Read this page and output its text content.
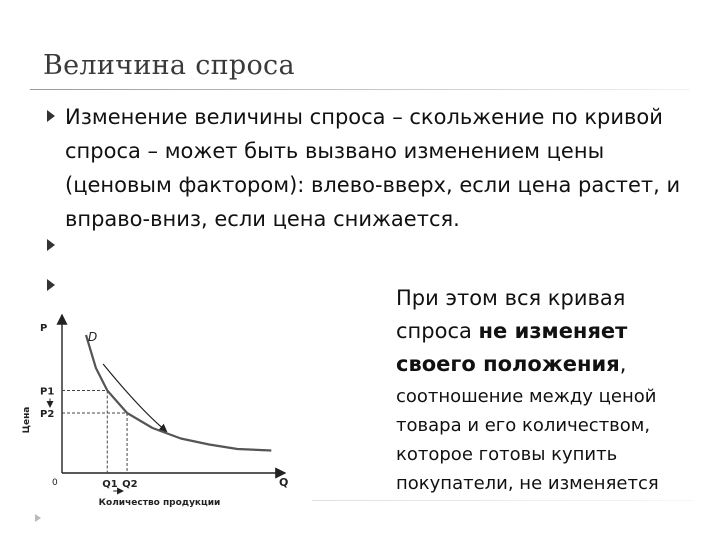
Величина спроса
Изменение величины спроса – скольжение по кривой спроса – может быть вызвано изменением цены (ценовым фактором): влево-вверх, если цена растет, и вправо-вниз, если цена снижается.
При этом вся кривая спроса не изменяет своего положения,
соотношение между ценой товара и его количеством, которое готовы купить покупатели, не изменяется
Q1
P1
Q2
P2
D
P
Q
0
Количество продукции
Цена
